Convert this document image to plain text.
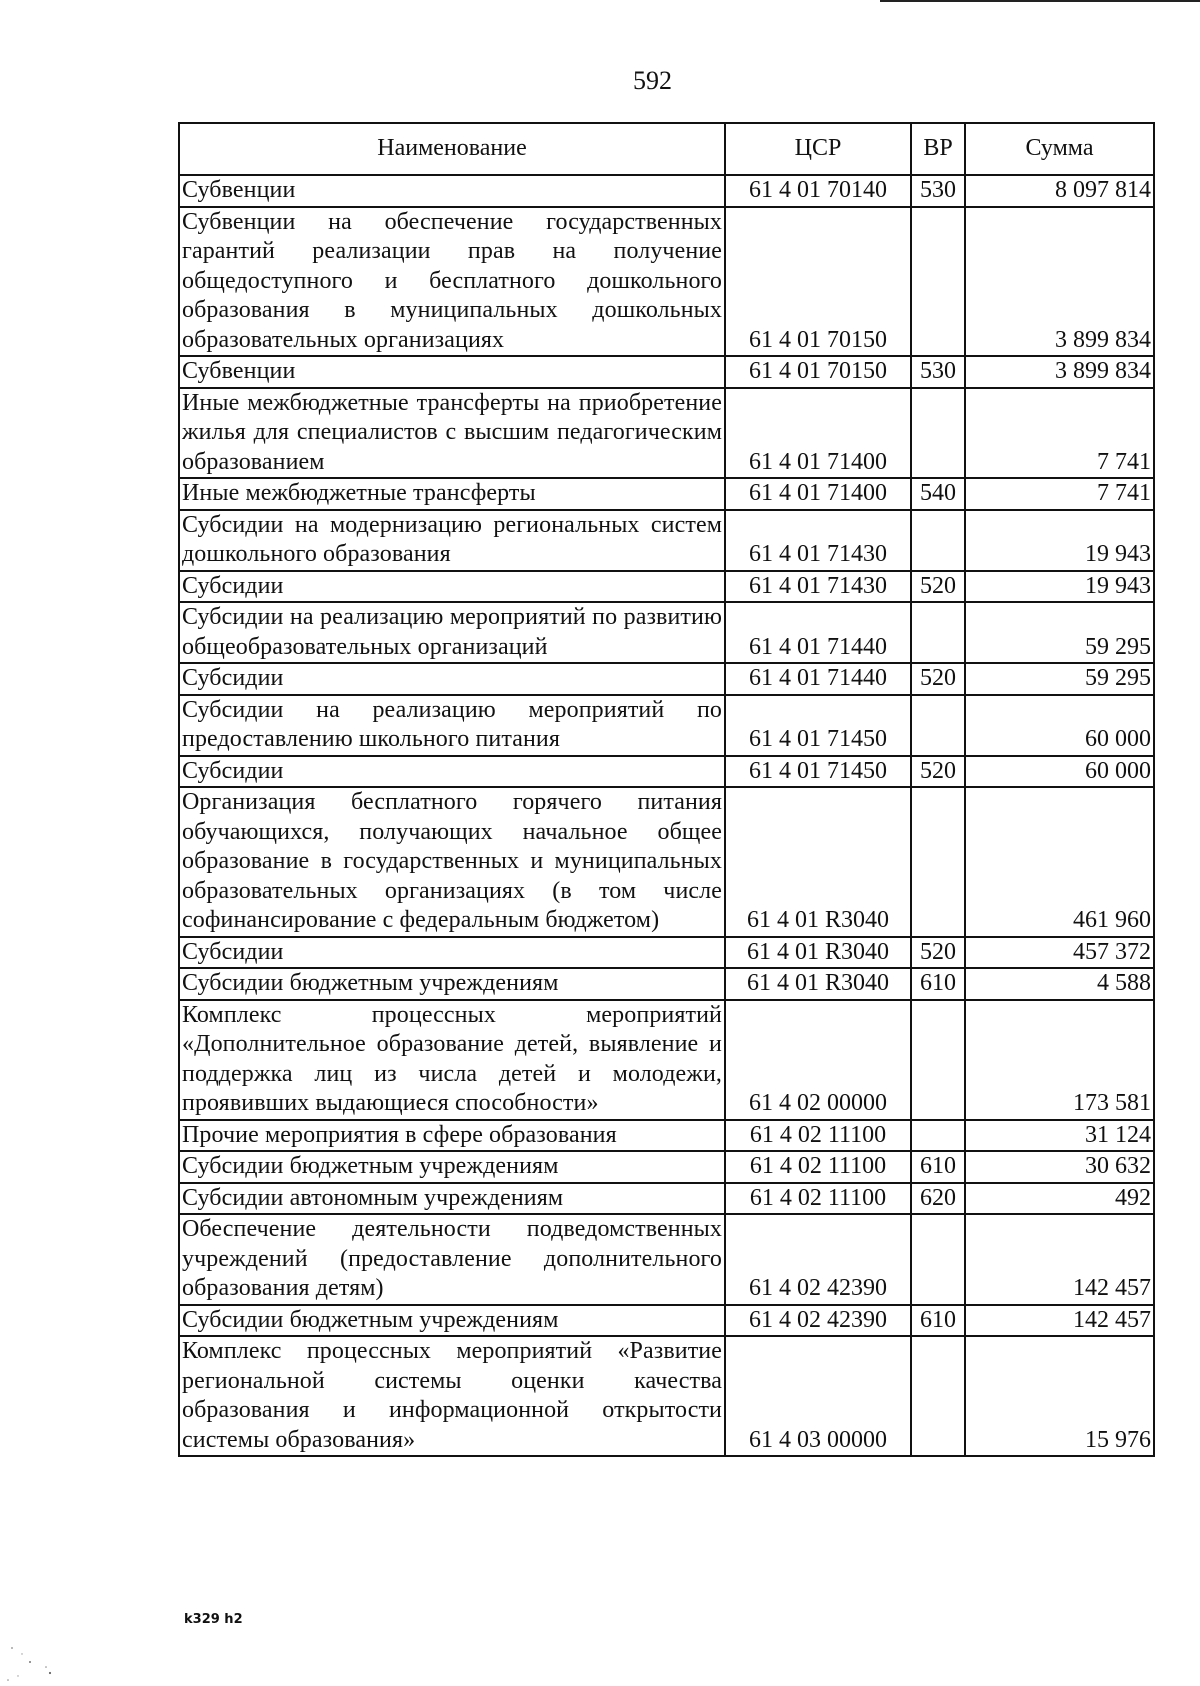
592
Наименование	ЦСР	ВР	Сумма
Субвенции	61 4 01 70140	530	8 097 814
Субвенции на обеспечение государственных гарантий реализации прав на получение общедоступного и бесплатного дошкольного образования в муниципальных дошкольных образовательных организациях	61 4 01 70150		3 899 834
Субвенции	61 4 01 70150	530	3 899 834
Иные межбюджетные трансферты на приобретение жилья для специалистов с высшим педагогическим образованием	61 4 01 71400		7 741
Иные межбюджетные трансферты	61 4 01 71400	540	7 741
Субсидии на модернизацию региональных систем дошкольного образования	61 4 01 71430		19 943
Субсидии	61 4 01 71430	520	19 943
Субсидии на реализацию мероприятий по развитию общеобразовательных организаций	61 4 01 71440		59 295
Субсидии	61 4 01 71440	520	59 295
Субсидии на реализацию мероприятий по предоставлению школьного питания	61 4 01 71450		60 000
Субсидии	61 4 01 71450	520	60 000
Организация бесплатного горячего питания обучающихся, получающих начальное общее образование в государственных и муниципальных образовательных организациях (в том числе софинансирование с федеральным бюджетом)	61 4 01 R3040		461 960
Субсидии	61 4 01 R3040	520	457 372
Субсидии бюджетным учреждениям	61 4 01 R3040	610	4 588
Комплекс процессных мероприятий «Дополнительное образование детей, выявление и поддержка лиц из числа детей и молодежи, проявивших выдающиеся способности»	61 4 02 00000		173 581
Прочие мероприятия в сфере образования	61 4 02 11100		31 124
Субсидии бюджетным учреждениям	61 4 02 11100	610	30 632
Субсидии автономным учреждениям	61 4 02 11100	620	492
Обеспечение деятельности подведомственных учреждений (предоставление дополнительного образования детям)	61 4 02 42390		142 457
Субсидии бюджетным учреждениям	61 4 02 42390	610	142 457
Комплекс процессных мероприятий «Развитие региональной системы оценки качества образования и информационной открытости системы образования»	61 4 03 00000		15 976
k329 h2
